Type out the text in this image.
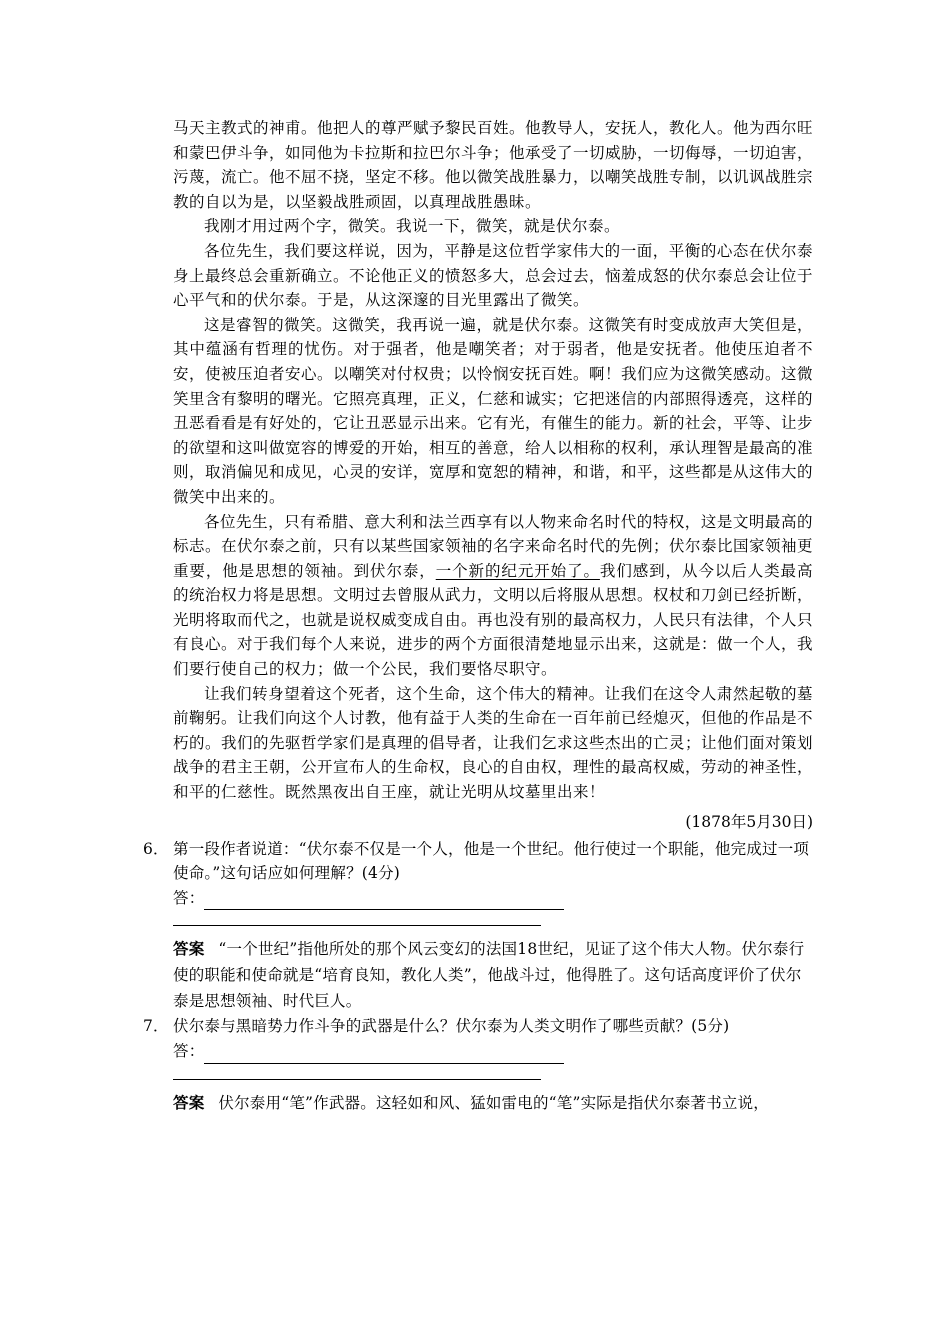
马天主教式的神甫。他把人的尊严赋予黎民百姓。他教导人，安抚人，教化人。他为西尔旺和蒙巴伊斗争，如同他为卡拉斯和拉巴尔斗争；他承受了一切威胁，一切侮辱，一切迫害，污蔑，流亡。他不屈不挠，坚定不移。他以微笑战胜暴力，以嘲笑战胜专制，以讥讽战胜宗教的自以为是，以坚毅战胜顽固，以真理战胜愚昧。

我刚才用过两个字，微笑。我说一下，微笑，就是伏尔泰。

各位先生，我们要这样说，因为，平静是这位哲学家伟大的一面，平衡的心态在伏尔泰身上最终总会重新确立。不论他正义的愤怒多大，总会过去，恼羞成怒的伏尔泰总会让位于心平气和的伏尔泰。于是，从这深邃的目光里露出了微笑。

这是睿智的微笑。这微笑，我再说一遍，就是伏尔泰。这微笑有时变成放声大笑但是，其中蕴涵有哲理的忧伤。对于强者，他是嘲笑者；对于弱者，他是安抚者。他使压迫者不安，使被压迫者安心。以嘲笑对付权贵；以怜悯安抚百姓。啊！我们应为这微笑感动。这微笑里含有黎明的曙光。它照亮真理，正义，仁慈和诚实；它把迷信的内部照得透亮，这样的丑恶看看是有好处的，它让丑恶显示出来。它有光，有催生的能力。新的社会，平等、让步的欲望和这叫做宽容的博爱的开始，相互的善意，给人以相称的权利，承认理智是最高的准则，取消偏见和成见，心灵的安详，宽厚和宽恕的精神，和谐，和平，这些都是从这伟大的微笑中出来的。

各位先生，只有希腊、意大利和法兰西享有以人物来命名时代的特权，这是文明最高的标志。在伏尔泰之前，只有以某些国家领袖的名字来命名时代的先例；伏尔泰比国家领袖更重要，他是思想的领袖。到伏尔泰，一个新的纪元开始了。我们感到，从今以后人类最高的统治权力将是思想。文明过去曾服从武力，文明以后将服从思想。权杖和刀剑已经折断，光明将取而代之，也就是说权威变成自由。再也没有别的最高权力，人民只有法律，个人只有良心。对于我们每个人来说，进步的两个方面很清楚地显示出来，这就是：做一个人，我们要行使自己的权力；做一个公民，我们要恪尽职守。

让我们转身望着这个死者，这个生命，这个伟大的精神。让我们在这令人肃然起敬的墓前鞠躬。让我们向这个人讨教，他有益于人类的生命在一百年前已经熄灭，但他的作品是不朽的。我们的先驱哲学家们是真理的倡导者，让我们乞求这些杰出的亡灵；让他们面对策划战争的君主王朝，公开宣布人的生命权，良心的自由权，理性的最高权威，劳动的神圣性，和平的仁慈性。既然黑夜出自王座，就让光明从坟墓里出来！

(1878年5月30日)

6． 第一段作者说道：“伏尔泰不仅是一个人，他是一个世纪。他行使过一个职能，他完成过一项使命。”这句话应如何理解？(4分)

答：

答案 “一个世纪”指他所处的那个风云变幻的法国18世纪，见证了这个伟大人物。伏尔泰行使的职能和使命就是“培育良知，教化人类”，他战斗过，他得胜了。这句话高度评价了伏尔泰是思想领袖、时代巨人。

7． 伏尔泰与黑暗势力作斗争的武器是什么？伏尔泰为人类文明作了哪些贡献？(5分)

答：

答案 伏尔泰用“笔”作武器。这轻如和风、猛如雷电的“笔”实际是指伏尔泰著书立说，
